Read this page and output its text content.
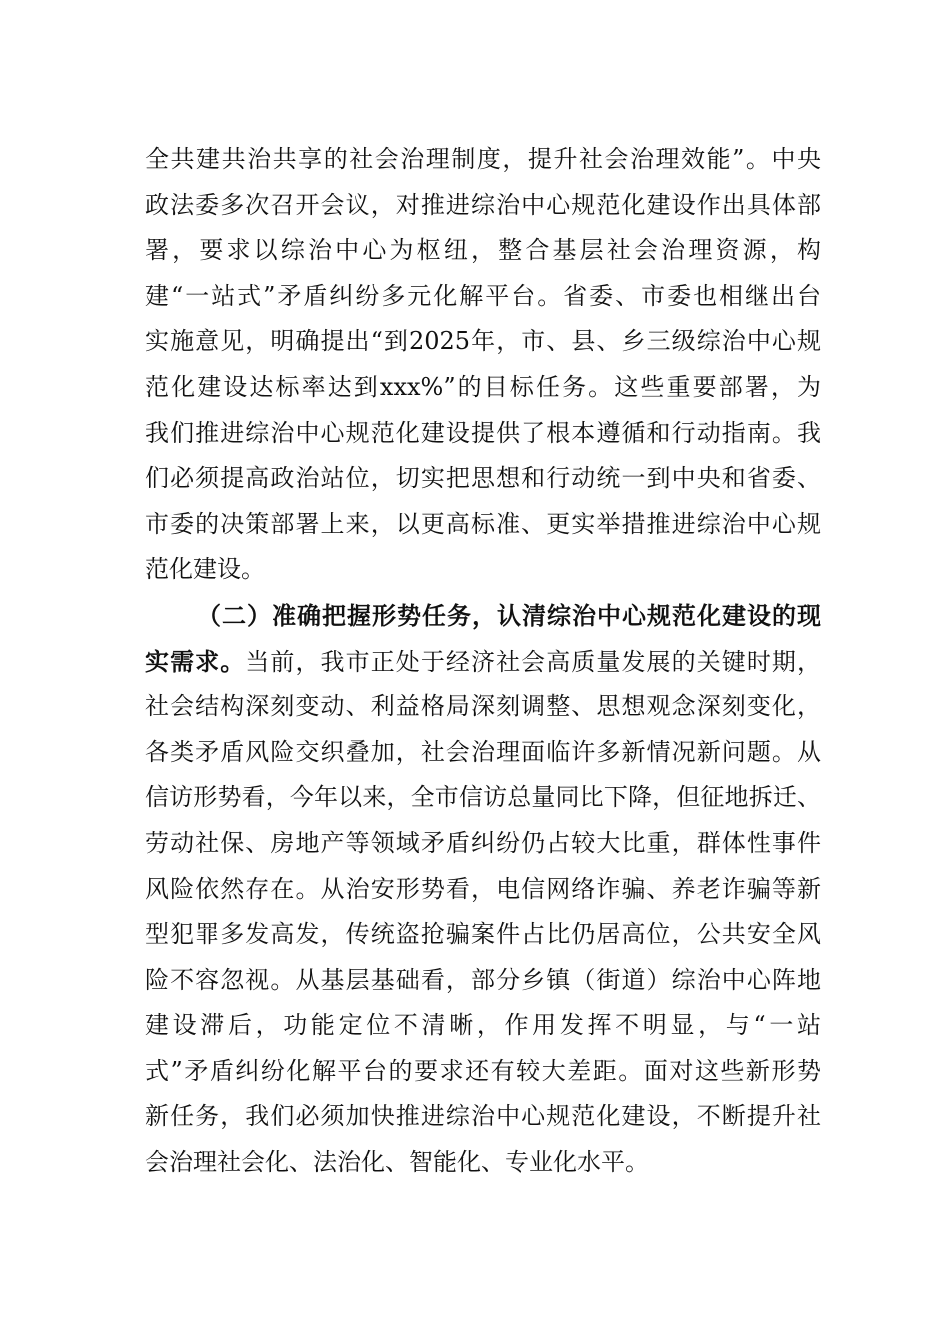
全共建共治共享的社会治理制度，提升社会治理效能”。中央
政法委多次召开会议，对推进综治中心规范化建设作出具体部
署，要求以综治中心为枢纽，整合基层社会治理资源，构
建“一站式”矛盾纠纷多元化解平台。省委、市委也相继出台
实施意见，明确提出“到2025年，市、县、乡三级综治中心规
范化建设达标率达到xxx%”的目标任务。这些重要部署，为
我们推进综治中心规范化建设提供了根本遵循和行动指南。我
们必须提高政治站位，切实把思想和行动统一到中央和省委、
市委的决策部署上来，以更高标准、更实举措推进综治中心规
范化建设。
（二）准确把握形势任务，认清综治中心规范化建设的现
实需求。当前，我市正处于经济社会高质量发展的关键时期，
社会结构深刻变动、利益格局深刻调整、思想观念深刻变化，
各类矛盾风险交织叠加，社会治理面临许多新情况新问题。从
信访形势看，今年以来，全市信访总量同比下降，但征地拆迁、
劳动社保、房地产等领域矛盾纠纷仍占较大比重，群体性事件
风险依然存在。从治安形势看，电信网络诈骗、养老诈骗等新
型犯罪多发高发，传统盗抢骗案件占比仍居高位，公共安全风
险不容忽视。从基层基础看，部分乡镇（街道）综治中心阵地
建设滞后，功能定位不清晰，作用发挥不明显，与“一站
式”矛盾纠纷化解平台的要求还有较大差距。面对这些新形势
新任务，我们必须加快推进综治中心规范化建设，不断提升社
会治理社会化、法治化、智能化、专业化水平。
